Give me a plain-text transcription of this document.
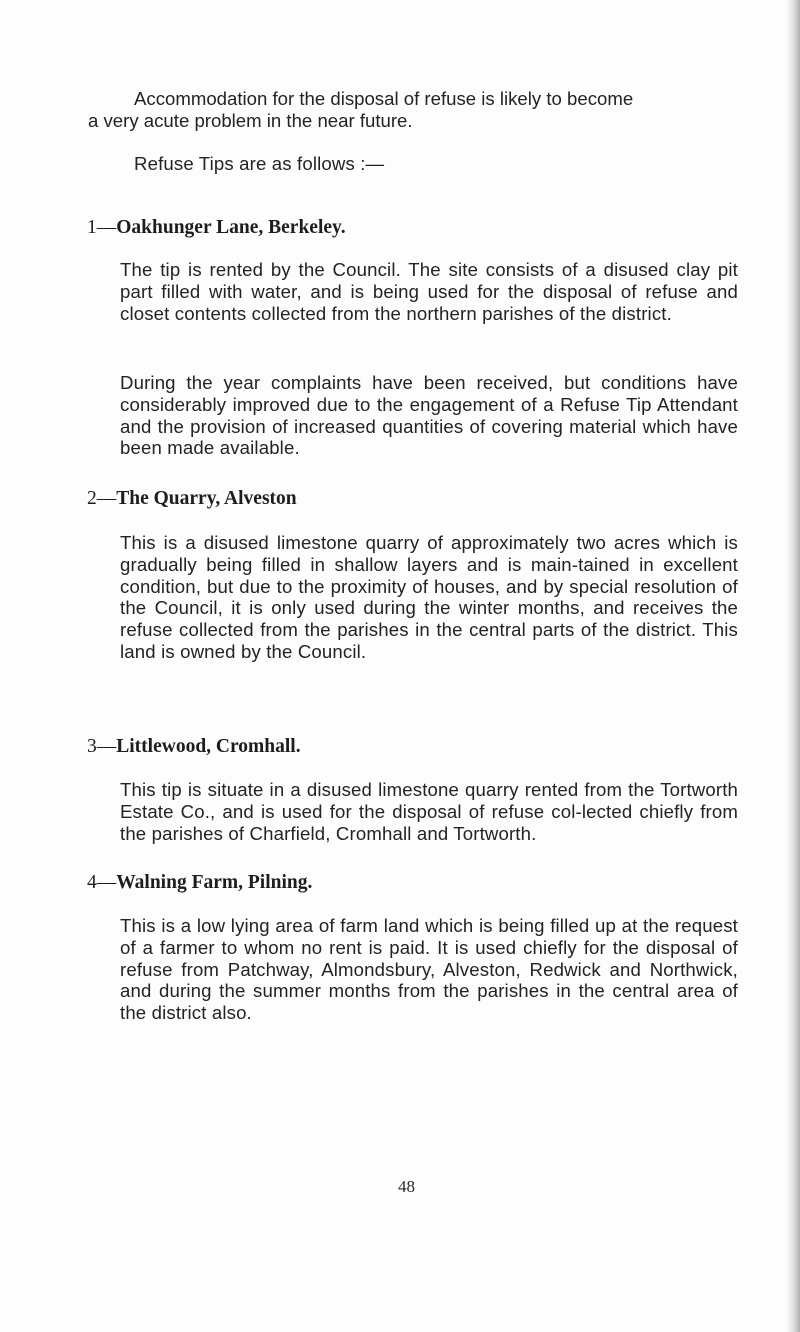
Accommodation for the disposal of refuse is likely to become
a very acute problem in the near future.

Refuse Tips are as follows :—

1—Oakhunger Lane, Berkeley.

The tip is rented by the Council. The site consists of a disused clay pit part filled with water, and is being used for the disposal of refuse and closet contents collected from the northern parishes of the district.

During the year complaints have been received, but conditions have considerably improved due to the engagement of a Refuse Tip Attendant and the provision of increased quantities of covering material which have been made available.

2—The Quarry, Alveston

This is a disused limestone quarry of approximately two acres which is gradually being filled in shallow layers and is main-tained in excellent condition, but due to the proximity of houses, and by special resolution of the Council, it is only used during the winter months, and receives the refuse collected from the parishes in the central parts of the district. This land is owned by the Council.

3—Littlewood, Cromhall.

This tip is situate in a disused limestone quarry rented from the Tortworth Estate Co., and is used for the disposal of refuse col-lected chiefly from the parishes of Charfield, Cromhall and Tortworth.

4—Walning Farm, Pilning.

This is a low lying area of farm land which is being filled up at the request of a farmer to whom no rent is paid. It is used chiefly for the disposal of refuse from Patchway, Almondsbury, Alveston, Redwick and Northwick, and during the summer months from the parishes in the central area of the district also.

48
